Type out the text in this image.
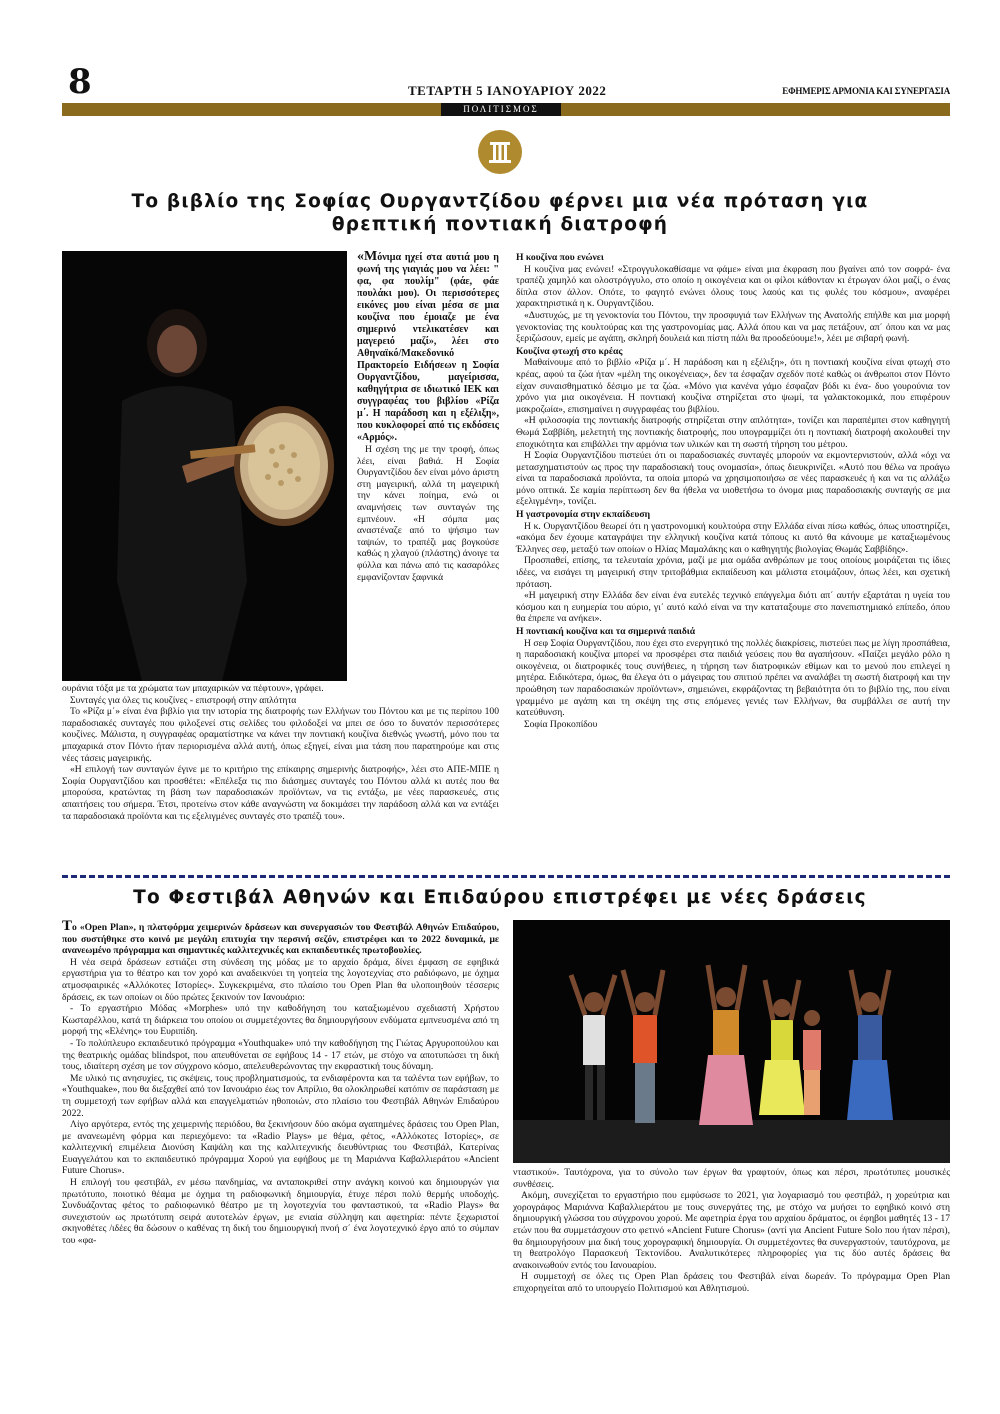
8	ΤΕΤΑΡΤΗ 5 ΙΑΝΟΥΑΡΙΟΥ 2022	ΕΦΗΜΕΡΙΣ ΑΡΜΟΝΙΑ ΚΑΙ ΣΥΝΕΡΓΑΣΙΑ
ΠΟΛΙΤΙΣΜΟΣ
Το βιβλίο της Σοφίας Ουργαντζίδου φέρνει μια νέα πρόταση για θρεπτική ποντιακή διατροφή

«Μόνιμα ηχεί στα αυτιά μου η φωνή της γιαγιάς μου να λέει: " φα, φα πουλίμ" (φάε, φάε πουλάκι μου). Οι περισσότερες εικόνες μου είναι μέσα σε μια κουζίνα που έμοιαζε με ένα σημερινό ντελικατέσεν και μαγερειό μαζί», λέει στο Αθηναϊκό/Μακεδονικό Πρακτορείο Ειδήσεων η Σοφία Ουργαντζίδου, μαγείρισσα, καθηγήτρια σε ιδιωτικό ΙΕΚ και συγγραφέας του βιβλίου «Ρίζα μ΄. Η παράδοση και η εξέλιξη», που κυκλοφορεί από τις εκδόσεις «Αρμός».

Η σχέση της με την τροφή, όπως λέει, είναι βαθιά. Η Σοφία Ουργαντζίδου δεν είναι μόνο άριστη στη μαγειρική, αλλά τη μαγειρική την κάνει ποίημα, ενώ οι αναμνήσεις των συνταγών της εμπνέουν. «Η σόμπα μας αναστέναζε από το ψήσιμο των ταψιών, το τραπέζι μας βογκούσε καθώς η χλαγού (πλάστης) άνοιγε τα φύλλα και πάνω από τις κασαρόλες εμφανίζονταν ξαφνικά

ουράνια τόξα με τα χρώματα των μπαχαρικών να πέφτουν», γράφει.

Συνταγές για όλες τις κουζίνες - επιστροφή στην απλότητα

Το «Ρίζα μ΄» είναι ένα βιβλίο για την ιστορία της διατροφής των Ελλήνων του Πόντου και με τις περίπου 100 παραδοσιακές συνταγές που φιλοξενεί στις σελίδες του φιλοδοξεί να μπει σε όσο το δυνατόν περισσότερες κουζίνες. Μάλιστα, η συγγραφέας οραματίστηκε να κάνει την ποντιακή κουζίνα διεθνώς γνωστή, μόνο που τα μπαχαρικά στον Πόντο ήταν περιορισμένα αλλά αυτή, όπως εξηγεί, είναι μια τάση που παρατηρούμε και στις νέες τάσεις μαγειρικής.

«Η επιλογή των συνταγών έγινε με το κριτήριο της επίκαιρης σημερινής διατροφής», λέει στο ΑΠΕ-ΜΠΕ η Σοφία Ουργαντζίδου και προσθέτει: «Επέλεξα τις πιο διάσημες συνταγές του Πόντου αλλά κι αυτές που θα μπορούσα, κρατώντας τη βάση των παραδοσιακών προϊόντων, να τις εντάξω, με νέες παρασκευές, στις απαιτήσεις του σήμερα. Έτσι, προτείνω στον κάθε αναγνώστη να δοκιμάσει την παράδοση αλλά και να εντάξει τα παραδοσιακά προϊόντα και τις εξελιγμένες συνταγές στο τραπέζι του».

Η κουζίνα που ενώνει

Η κουζίνα μας ενώνει! «Στρογγυλοκαθίσαμε να φάμε» είναι μια έκφραση που βγαίνει από τον σοφρά- ένα τραπέζι χαμηλό και ολοστρόγγυλο, στο οποίο η οικογένεια και οι φίλοι κάθονταν κι έτρωγαν όλοι μαζί, ο ένας δίπλα στον άλλον. Οπότε, το φαγητό ενώνει όλους τους λαούς και τις φυλές του κόσμου», αναφέρει χαρακτηριστικά η κ. Ουργαντζίδου.

«Δυστυχώς, με τη γενοκτονία του Πόντου, την προσφυγιά των Ελλήνων της Ανατολής επήλθε και μια μορφή γενοκτονίας της κουλτούρας και της γαστρονομίας μας. Αλλά όπου και να μας πετάξουν, απ΄ όπου και να μας ξεριζώσουν, εμείς με αγάπη, σκληρή δουλειά και πίστη πάλι θα προοδεύουμε!», λέει με σιβαρή φωνή.

Κουζίνα φτωχή στο κρέας

Μαθαίνουμε από το βιβλίο «Ρίζα μ΄. Η παράδοση και η εξέλιξη», ότι η ποντιακή κουζίνα είναι φτωχή στο κρέας, αφού τα ζώα ήταν «μέλη της οικογένειας», δεν τα έσφαζαν σχεδόν ποτέ καθώς οι άνθρωποι στον Πόντο είχαν συναισθηματικό δέσιμο με τα ζώα. «Μόνο για κανένα γάμο έσφαζαν βόδι κι ένα- δυο γουρούνια τον χρόνο για μια οικογένεια. Η ποντιακή κουζίνα στηρίζεται στο ψωμί, τα γαλακτοκομικά, που επιφέρουν μακροζωία», επισημαίνει η συγγραφέας του βιβλίου.

«Η φιλοσοφία της ποντιακής διατροφής στηρίζεται στην απλότητα», τονίζει και παραπέμπει στον καθηγητή Θωμά Σαββίδη, μελετητή της ποντιακής διατροφής, που υπογραμμίζει ότι η ποντιακή διατροφή ακολουθεί την εποχικότητα και επιβάλλει την αρμόνια των υλικών και τη σωστή τήρηση του μέτρου.

Η Σοφία Ουργαντζίδου πιστεύει ότι οι παραδοσιακές συνταγές μπορούν να εκμοντερνιστούν, αλλά «όχι να μετασχηματιστούν ως προς την παραδοσιακή τους ονομασία», όπως διευκρινίζει. «Αυτό που θέλω να προάγω είναι τα παραδοσιακά προϊόντα, τα οποία μπορώ να χρησιμοποιήσω σε νέες παρασκευές ή και να τις αλλάξω μόνο οπτικά. Σε καμία περίπτωση δεν θα ήθελα να υιοθετήσω το όνομα μιας παραδοσιακής συνταγής σε μια εξελιγμένη», τονίζει.

Η γαστρονομία στην εκπαίδευση

Η κ. Ουργαντζίδου θεωρεί ότι η γαστρονομική κουλτούρα στην Ελλάδα είναι πίσω καθώς, όπως υποστηρίζει, «ακόμα δεν έχουμε καταγράψει την ελληνική κουζίνα κατά τόπους κι αυτό θα κάνουμε με καταξιωμένους Έλληνες σεφ, μεταξύ των οποίων ο Ηλίας Μαμαλάκης και ο καθηγητής βιολογίας Θωμάς Σαββίδης».

Προσπαθεί, επίσης, τα τελευταία χρόνια, μαζί με μια ομάδα ανθρώπων με τους οποίους μοιράζεται τις ίδιες ιδέες, να εισάγει τη μαγειρική στην τριτοβάθμια εκπαίδευση και μάλιστα ετοιμάζουν, όπως λέει, και σχετική πρόταση.

«Η μαγειρική στην Ελλάδα δεν είναι ένα ευτελές τεχνικό επάγγελμα διότι απ΄ αυτήν εξαρτάται η υγεία του κόσμου και η ευημερία του αύριο, γι΄ αυτό καλό είναι να την καταταξουμε στο πανεπιστημιακό επίπεδο, όπου θα έπρεπε να ανήκει».

Η ποντιακή κουζίνα και τα σημερινά παιδιά

Η σεφ Σοφία Ουργαντζίδου, που έχει στο ενεργητικό της πολλές διακρίσεις, πιστεύει πως με λίγη προσπάθεια, η παραδοσιακή κουζίνα μπορεί να προσφέρει στα παιδιά γεύσεις που θα αγαπήσουν. «Παίζει μεγάλο ρόλο η οικογένεια, οι διατροφικές τους συνήθειες, η τήρηση των διατροφικών εθίμων και το μενού που επιλεγεί η μητέρα. Ειδικότερα, όμως, θα έλεγα ότι ο μάγειρας του σπιτιού πρέπει να αναλάβει τη σωστή διατροφή και την προώθηση των παραδοσιακών προϊόντων», σημειώνει, εκφράζοντας τη βεβαιότητα ότι το βιβλίο της, που είναι γραμμένο με αγάπη και τη σκέψη της στις επόμενες γενιές των Ελλήνων, θα συμβάλλει σε αυτή την κατεύθυνση.

Σοφία Προκοπίδου

Το Φεστιβάλ Αθηνών και Επιδαύρου επιστρέφει με νέες δράσεις

Το «Open Plan», η πλατφόρμα χειμερινών δράσεων και συνεργασιών του Φεστιβάλ Αθηνών Επιδαύρου, που συστήθηκε στο κοινό με μεγάλη επιτυχία την περσινή σεζόν, επιστρέφει και το 2022 δυναμικά, με ανανεωμένο πρόγραμμα και σημαντικές καλλιτεχνικές και εκπαιδευτικές πρωτοβουλίες.

Η νέα σειρά δράσεων εστιάζει στη σύνδεση της μόδας με το αρχαίο δράμα, δίνει έμφαση σε εφηβικά εργαστήρια για το θέατρο και τον χορό και αναδεικνύει τη γοητεία της λογοτεχνίας στο ραδιόφωνο, με όχημα ατμοσφαιρικές «Αλλόκοτες Ιστορίες». Συγκεκριμένα, στο πλαίσιο του Open Plan θα υλοποιηθούν τέσσερις δράσεις, εκ των οποίων οι δύο πρώτες ξεκινούν τον Ιανουάριο:

- Το εργαστήριο Μόδας «Morphes» υπό την καθοδήγηση του καταξιωμένου σχεδιαστή Χρήστου Κωσταρέλλου, κατά τη διάρκεια του οποίου οι συμμετέχοντες θα δημιουργήσουν ενδύματα εμπνευσμένα από τη μορφή της «Ελένης» του Ευριπίδη.

- Το πολύπλευρο εκπαιδευτικό πρόγραμμα «Youthquake» υπό την καθοδήγηση της Γιώτας Αργυροπούλου και της θεατρικής ομάδας blindspot, που απευθύνεται σε εφήβους 14 - 17 ετών, με στόχο να αποτυπώσει τη δική τους, ιδιαίτερη σχέση με τον σύγχρονο κόσμο, απελευθερώνοντας την εκφραστική τους δύναμη.

Με υλικό τις ανησυχίες, τις σκέψεις, τους προβληματισμούς, τα ενδιαφέροντα και τα ταλέντα των εφήβων, το «Youthquake», που θα διεξαχθεί από τον Ιανουάριο έως τον Απρίλιο, θα ολοκληρωθεί κατόπιν σε παράσταση με τη συμμετοχή των εφήβων αλλά και επαγγελματιών ηθοποιών, στο πλαίσιο του Φεστιβάλ Αθηνών Επιδαύρου 2022.

Λίγο αργότερα, εντός της χειμερινής περιόδου, θα ξεκινήσουν δύο ακόμα αγαπημένες δράσεις του Open Plan, με ανανεωμένη φόρμα και περιεχόμενο: τα «Radio Plays» με θέμα, φέτος, «Αλλόκοτες Ιστορίες», σε καλλιτεχνική επιμέλεια Διονύση Καψάλη και της καλλιτεχνικής διευθύντριας του Φεστιβάλ, Κατερίνας Ευαγγελάτου και το εκπαιδευτικό πρόγραμμα Χορού για εφήβους με τη Μαριάννα Καβαλλιεράτου «Ancient Future Chorus».

Η επιλογή του φεστιβάλ, εν μέσω πανδημίας, να ανταποκριθεί στην ανάγκη κοινού και δημιουργών για πρωτότυπο, ποιοτικό θέαμα με όχημα τη ραδιοφωνική δημιουργία, έτυχε πέρσι πολύ θερμής υποδοχής. Συνδυάζοντας φέτος το ραδιοφωνικό θέατρο με τη λογοτεχνία του φανταστικού, τα «Radio Plays» θα συνεχιστούν ως πρωτότυπη σειρά αυτοτελών έργων, με ενιαία σύλληψη και αφετηρία: πέντε ξεχωριστοί σκηνοθέτες /ιδέες θα δώσουν ο καθένας τη δική του δημιουργική πνοή σ΄ ένα λογοτεχνικό έργο από το σύμπαν του «φα-

νταστικού». Ταυτόχρονα, για το σύνολο των έργων θα γραφτούν, όπως και πέρσι, πρωτότυπες μουσικές συνθέσεις.

Ακόμη, συνεχίζεται το εργαστήριο που εμφύσωσε το 2021, για λογαριασμό του φεστιβάλ, η χορεύτρια και χορογράφος Μαριάννα Καβαλλιεράτου με τους συνεργάτες της, με στόχο να μυήσει το εφηβικό κοινό στη δημιουργική γλώσσα του σύγχρονου χορού. Με αφετηρία έργα του αρχαίου δράματος, οι έφηβοι μαθητές 13 - 17 ετών που θα συμμετάσχουν στο φετινό «Ancient Future Chorus» (αντί για Ancient Future Solo που ήταν πέρσι), θα δημιουργήσουν μια δική τους χορογραφική δημιουργία. Οι συμμετέχοντες θα συνεργαστούν, ταυτόχρονα, με τη θεατρολόγο Παρασκευή Τεκτονίδου. Αναλυτικότερες πληροφορίες για τις δύο αυτές δράσεις θα ανακοινωθούν εντός του Ιανουαρίου.

Η συμμετοχή σε όλες τις Open Plan δράσεις του Φεστιβάλ είναι δωρεάν. Το πρόγραμμα Open Plan επιχορηγείται από το υπουργείο Πολιτισμού και Αθλητισμού.
